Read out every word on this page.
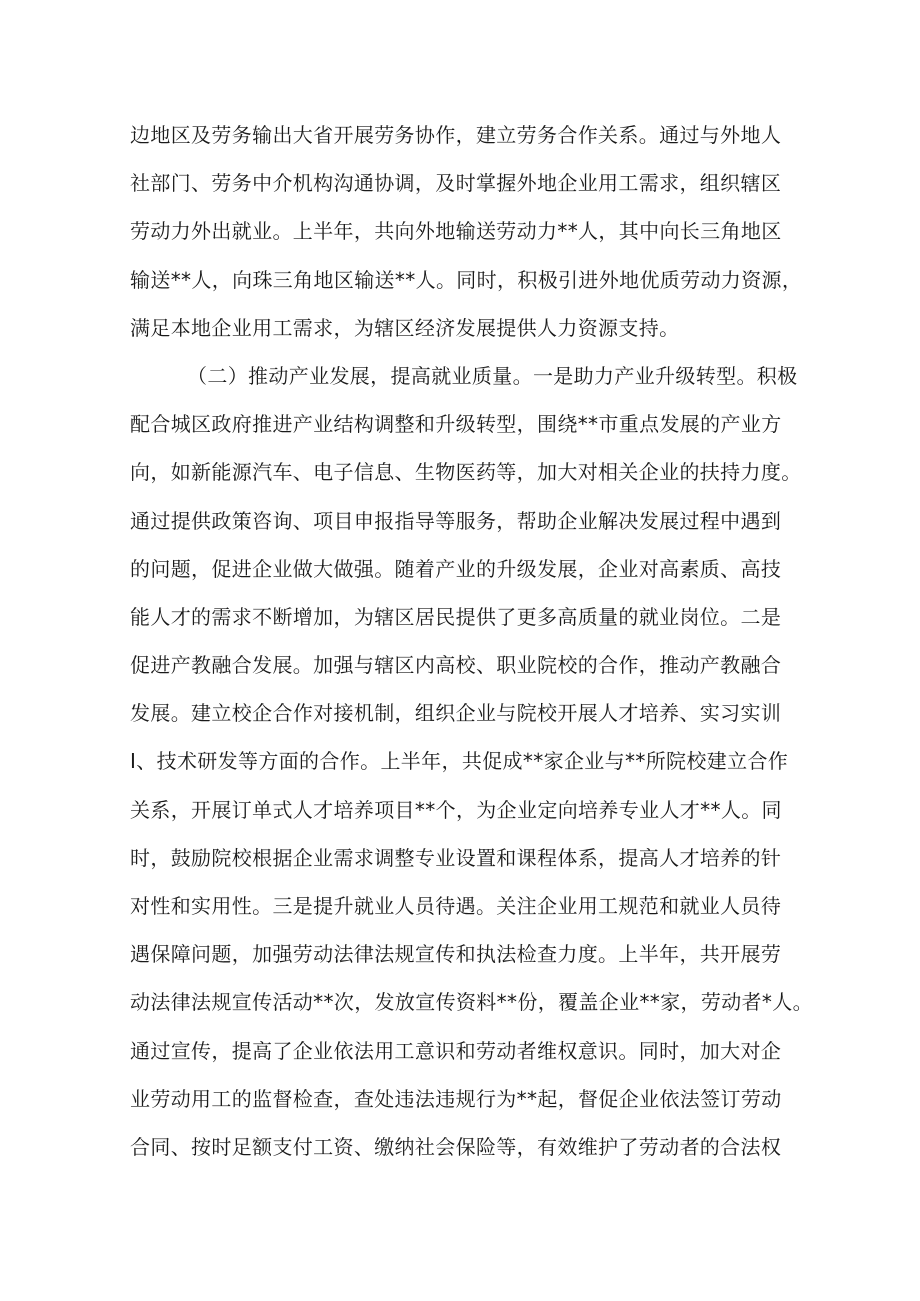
边地区及劳务输出大省开展劳务协作，建立劳务合作关系。通过与外地人
社部门、劳务中介机构沟通协调，及时掌握外地企业用工需求，组织辖区
劳动力外出就业。上半年，共向外地输送劳动力**人，其中向长三角地区
输送**人，向珠三角地区输送**人。同时，积极引进外地优质劳动力资源，
满足本地企业用工需求，为辖区经济发展提供人力资源支持。
（二）推动产业发展，提高就业质量。一是助力产业升级转型。积极
配合城区政府推进产业结构调整和升级转型，围绕**市重点发展的产业方
向，如新能源汽车、电子信息、生物医药等，加大对相关企业的扶持力度。
通过提供政策咨询、项目申报指导等服务，帮助企业解决发展过程中遇到
的问题，促进企业做大做强。随着产业的升级发展，企业对高素质、高技
能人才的需求不断增加，为辖区居民提供了更多高质量的就业岗位。二是
促进产教融合发展。加强与辖区内高校、职业院校的合作，推动产教融合
发展。建立校企合作对接机制，组织企业与院校开展人才培养、实习实训
I、技术研发等方面的合作。上半年，共促成**家企业与**所院校建立合作
关系，开展订单式人才培养项目**个，为企业定向培养专业人才**人。同
时，鼓励院校根据企业需求调整专业设置和课程体系，提高人才培养的针
对性和实用性。三是提升就业人员待遇。关注企业用工规范和就业人员待
遇保障问题，加强劳动法律法规宣传和执法检查力度。上半年，共开展劳
动法律法规宣传活动**次，发放宣传资料**份，覆盖企业**家，劳动者*人。
通过宣传，提高了企业依法用工意识和劳动者维权意识。同时，加大对企
业劳动用工的监督检查，查处违法违规行为**起，督促企业依法签订劳动
合同、按时足额支付工资、缴纳社会保险等，有效维护了劳动者的合法权
